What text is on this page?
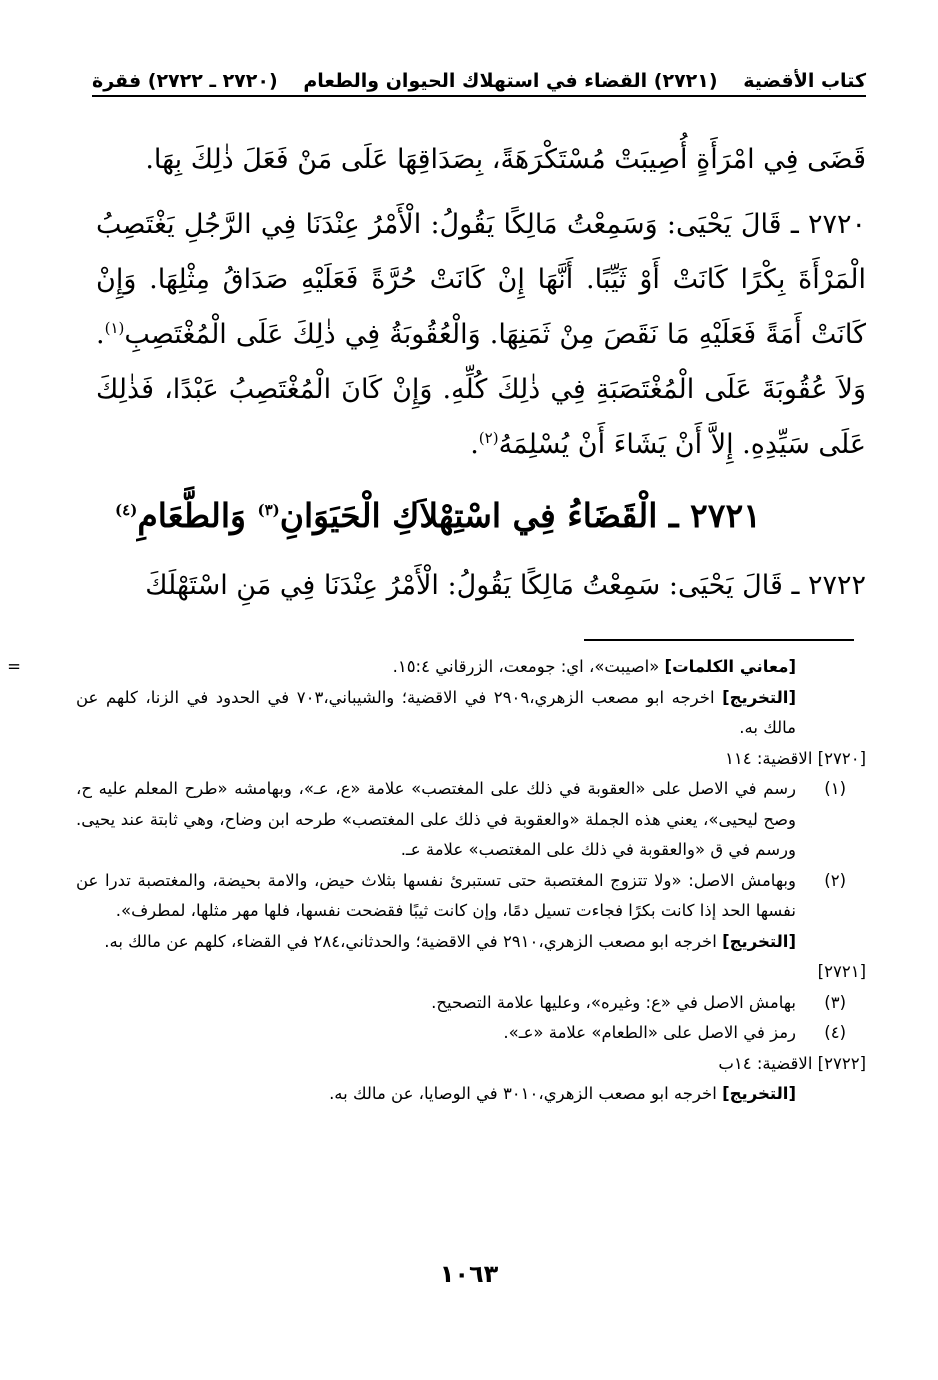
كتاب الأقضية
(٢٧٢١) القضاء في استهلاك الحيوان والطعام
(٢٧٢٠ ـ ٢٧٢٢) فقرة

قَضَى فِي امْرَأَةٍ أُصِيبَتْ مُسْتَكْرَهَةً، بِصَدَاقِهَا عَلَى مَنْ فَعَلَ ذٰلِكَ بِهَا.

٢٧٢٠ ـ قَالَ يَحْيَى: وَسَمِعْتُ مَالِكًا يَقُولُ: الْأَمْرُ عِنْدَنَا فِي الرَّجُلِ يَغْتَصِبُ الْمَرْأَةَ بِكْرًا كَانَتْ أَوْ ثَيِّبًا. أَنَّهَا إِنْ كَانَتْ حُرَّةً فَعَلَيْهِ صَدَاقُ مِثْلِهَا. وَإِنْ كَانَتْ أَمَةً فَعَلَيْهِ مَا نَقَصَ مِنْ ثَمَنِهَا. وَالْعُقُوبَةُ فِي ذٰلِكَ عَلَى الْمُغْتَصِبِ$^{(١)}$. وَلاَ عُقُوبَةَ عَلَى الْمُغْتَصَبَةِ فِي ذٰلِكَ كُلِّهِ. وَإِنْ كَانَ الْمُغْتَصِبُ عَبْدًا، فَذٰلِكَ عَلَى سَيِّدِهِ. إِلاَّ أَنْ يَشَاءَ أَنْ يُسْلِمَهُ$^{(٢)}$.

٢٧٢١ ـ الْقَضَاءُ فِي اسْتِهْلاَكِ الْحَيَوَانِ$^{(٣)}$ وَالطَّعَامِ$^{(٤)}$
٢٧٢٢ ـ قَالَ يَحْيَى: سَمِعْتُ مَالِكًا يَقُولُ: الْأَمْرُ عِنْدَنَا فِي مَنِ اسْتَهْلَكَ
=	[معاني الكلمات] «اصيبت»، اي: جومعت، الزرقاني ١٥:٤.

[التخريج] اخرجه ابو مصعب الزهري،٢٩٠٩ في الاقضية؛ والشيباني،٧٠٣ في الحدود في الزنا، كلهم عن مالك به.

[٢٧٢٠] الاقضية: ١١٤

(١)
رسم في الاصل على «العقوبة في ذلك على المغتصب» علامة «ع، عـ»، وبهامشه «طرح المعلم عليه ح، وصح ليحيى»، يعني هذه الجملة «والعقوبة في ذلك على المغتصب» طرحه ابن وضاح، وهي ثابتة عند يحيى. ورسم في ق «والعقوبة في ذلك على المغتصب» علامة عـ.

(٢)
وبهامش الاصل: «ولا تتزوج المغتصبة حتى تستبرئ نفسها بثلاث حيض، والامة بحيضة، والمغتصبة تدرا عن نفسها الحد إذا كانت بكرًا فجاءت تسيل دمًا، وإن كانت ثيبًا فقضحت نفسها، فلها مهر مثلها، لمطرف».

[التخريج] اخرجه ابو مصعب الزهري،٢٩١٠ في الاقضية؛ والحدثاني،٢٨٤ في القضاء، كلهم عن مالك به.

[٢٧٢١]

(٣)
بهامش الاصل في «ع: وغيره»، وعليها علامة التصحيح.

(٤)
رمز في الاصل على «الطعام» علامة «عـ».

[٢٧٢٢] الاقضية: ١٤ب

[التخريج] اخرجه ابو مصعب الزهري،٣٠١٠ في الوصايا، عن مالك به.

١٠٦٣
